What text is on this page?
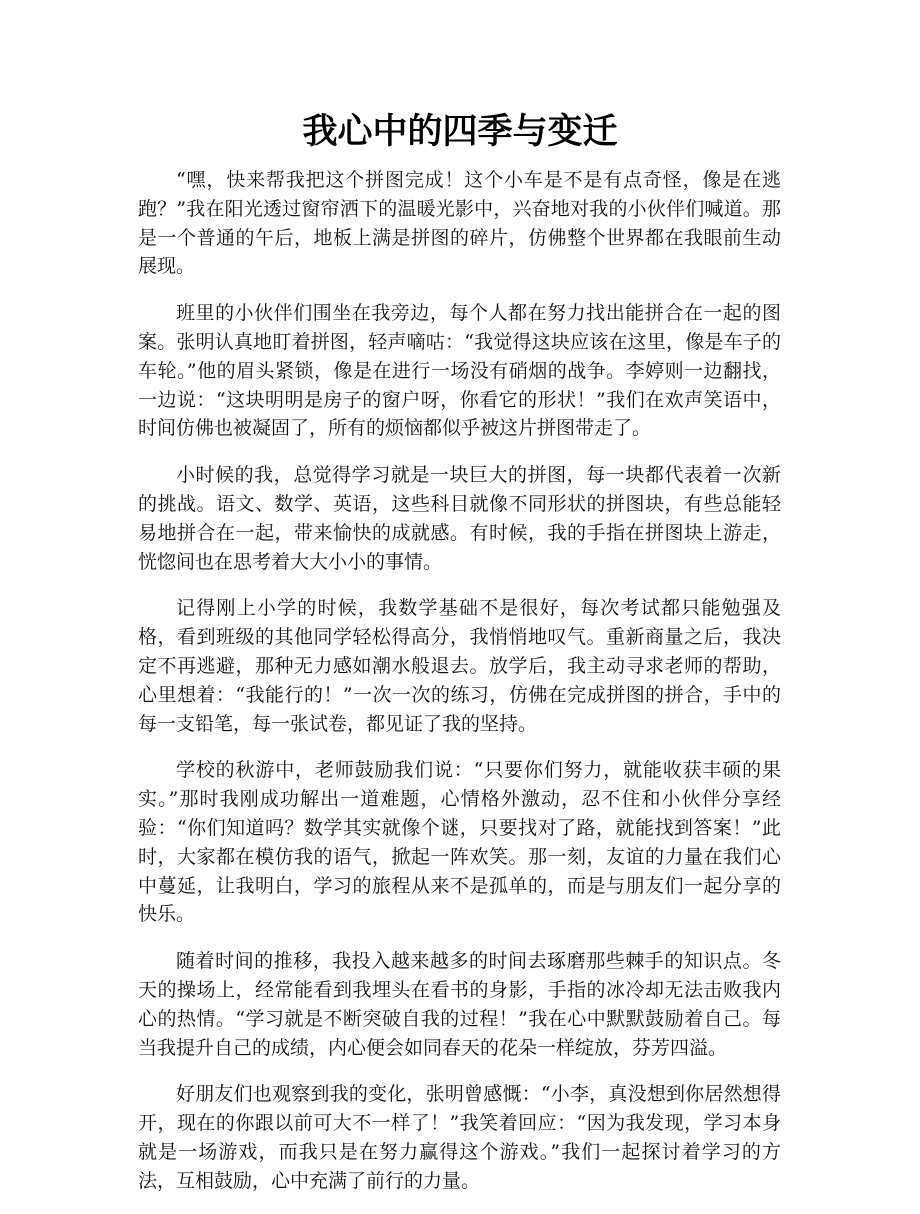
我心中的四季与变迁

“嘿，快来帮我把这个拼图完成！这个小车是不是有点奇怪，像是在逃跑？”我在阳光透过窗帘洒下的温暖光影中，兴奋地对我的小伙伴们喊道。那是一个普通的午后，地板上满是拼图的碎片，仿佛整个世界都在我眼前生动展现。

班里的小伙伴们围坐在我旁边，每个人都在努力找出能拼合在一起的图案。张明认真地盯着拼图，轻声嘀咕：“我觉得这块应该在这里，像是车子的车轮。”他的眉头紧锁，像是在进行一场没有硝烟的战争。李婷则一边翻找，一边说：“这块明明是房子的窗户呀，你看它的形状！”我们在欢声笑语中，时间仿佛也被凝固了，所有的烦恼都似乎被这片拼图带走了。

小时候的我，总觉得学习就是一块巨大的拼图，每一块都代表着一次新的挑战。语文、数学、英语，这些科目就像不同形状的拼图块，有些总能轻易地拼合在一起，带来愉快的成就感。有时候，我的手指在拼图块上游走，恍惚间也在思考着大大小小的事情。

记得刚上小学的时候，我数学基础不是很好，每次考试都只能勉强及格，看到班级的其他同学轻松得高分，我悄悄地叹气。重新商量之后，我决定不再逃避，那种无力感如潮水般退去。放学后，我主动寻求老师的帮助，心里想着：“我能行的！”一次一次的练习，仿佛在完成拼图的拼合，手中的每一支铅笔，每一张试卷，都见证了我的坚持。

学校的秋游中，老师鼓励我们说：“只要你们努力，就能收获丰硕的果实。”那时我刚成功解出一道难题，心情格外激动，忍不住和小伙伴分享经验：“你们知道吗？数学其实就像个谜，只要找对了路，就能找到答案！”此时，大家都在模仿我的语气，掀起一阵欢笑。那一刻，友谊的力量在我们心中蔓延，让我明白，学习的旅程从来不是孤单的，而是与朋友们一起分享的快乐。

随着时间的推移，我投入越来越多的时间去琢磨那些棘手的知识点。冬天的操场上，经常能看到我埋头在看书的身影，手指的冰冷却无法击败我内心的热情。“学习就是不断突破自我的过程！”我在心中默默鼓励着自己。每当我提升自己的成绩，内心便会如同春天的花朵一样绽放，芬芳四溢。

好朋友们也观察到我的变化，张明曾感慨：“小李，真没想到你居然想得开，现在的你跟以前可大不一样了！”我笑着回应：“因为我发现，学习本身就是一场游戏，而我只是在努力赢得这个游戏。”我们一起探讨着学习的方法，互相鼓励，心中充满了前行的力量。
